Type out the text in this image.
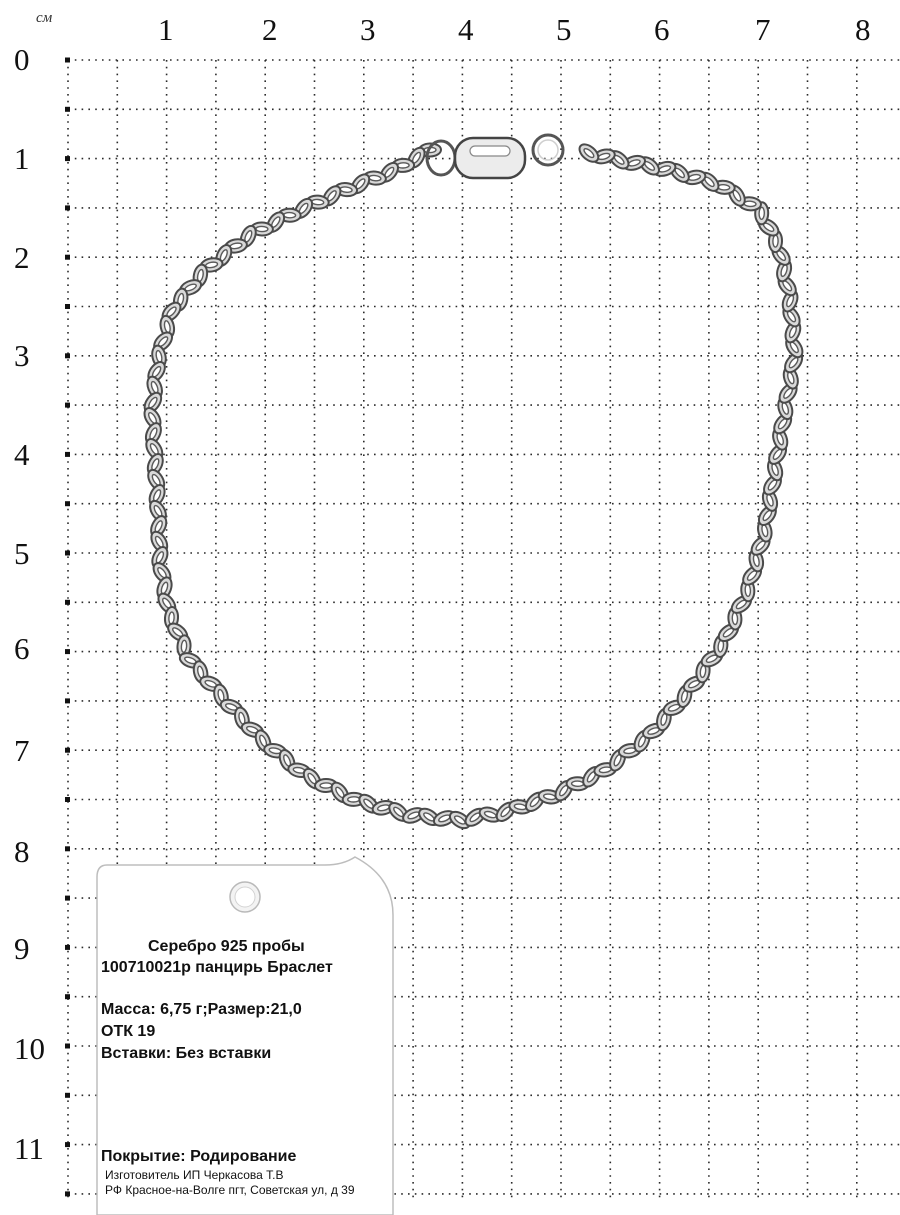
см	1	2	3	4	5	6	7	8
0
1
2
3
4
5
6
7
8
9
10
11
Серебро 925 пробы
100710021р панцирь Браслет
Масса: 6,75 г;Размер:21,0
ОТК 19
Вставки: Без вставки
Покрытие: Родирование
Изготовитель ИП Черкасова Т.В
РФ Красное-на-Волге пгт, Советская ул, д 39
